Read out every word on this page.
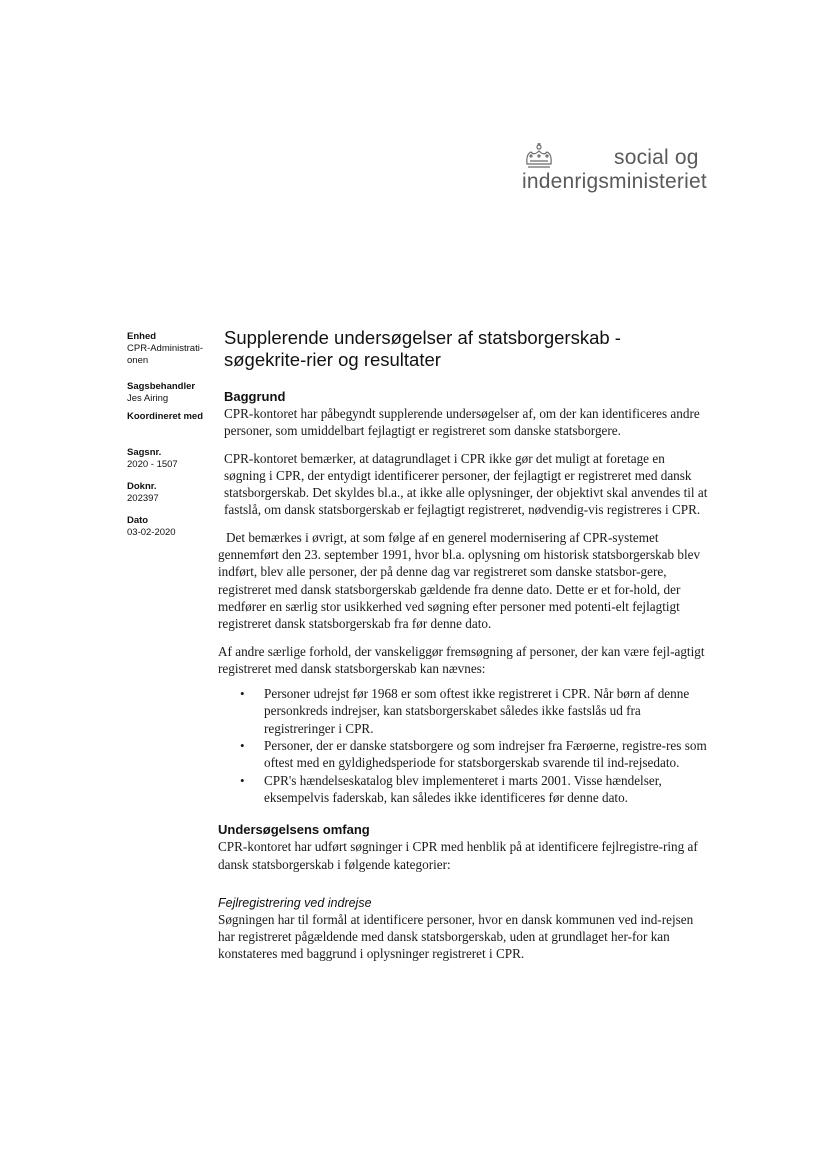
social og
indenrigsministeriet
Enhed
CPR-Administrati-
onen
Sagsbehandler
Jes Airing
Koordineret med
Sagsnr.
2020 - 1507
Doknr.
202397
Dato
03-02-2020
Supplerende undersøgelser af statsborgerskab - søgekrite-rier og resultater
Baggrund

CPR-kontoret har påbegyndt supplerende undersøgelser af, om der kan identificeres andre personer, som umiddelbart fejlagtigt er registreret som danske statsborgere.

CPR-kontoret bemærker, at datagrundlaget i CPR ikke gør det muligt at foretage en søgning i CPR, der entydigt identificerer personer, der fejlagtigt er registreret med dansk statsborgerskab. Det skyldes bl.a., at ikke alle oplysninger, der objektivt skal anvendes til at fastslå, om dansk statsborgerskab er fejlagtigt registreret, nødvendig-vis registreres i CPR.

Det bemærkes i øvrigt, at som følge af en generel modernisering af CPR-systemet gennemført den 23. september 1991, hvor bl.a. oplysning om historisk statsborgerskab blev indført, blev alle personer, der på denne dag var registreret som danske statsbor-gere, registreret med dansk statsborgerskab gældende fra denne dato. Dette er et for-hold, der medfører en særlig stor usikkerhed ved søgning efter personer med potenti-elt fejlagtigt registreret dansk statsborgerskab fra før denne dato.

Af andre særlige forhold, der vanskeliggør fremsøgning af personer, der kan være fejl-agtigt registreret med dansk statsborgerskab kan nævnes:

• Personer udrejst før 1968 er som oftest ikke registreret i CPR. Når børn af denne personkreds indrejser, kan statsborgerskabet således ikke fastslås ud fra registreringer i CPR.
• Personer, der er danske statsborgere og som indrejser fra Færøerne, registre-res som oftest med en gyldighedsperiode for statsborgerskab svarende til ind-rejsedato.
• CPR's hændelseskatalog blev implementeret i marts 2001. Visse hændelser, eksempelvis faderskab, kan således ikke identificeres før denne dato.
Undersøgelsens omfang

CPR-kontoret har udført søgninger i CPR med henblik på at identificere fejlregistre-ring af dansk statsborgerskab i følgende kategorier:

Fejlregistrering ved indrejse

Søgningen har til formål at identificere personer, hvor en dansk kommunen ved ind-rejsen har registreret pågældende med dansk statsborgerskab, uden at grundlaget her-for kan konstateres med baggrund i oplysninger registreret i CPR.
